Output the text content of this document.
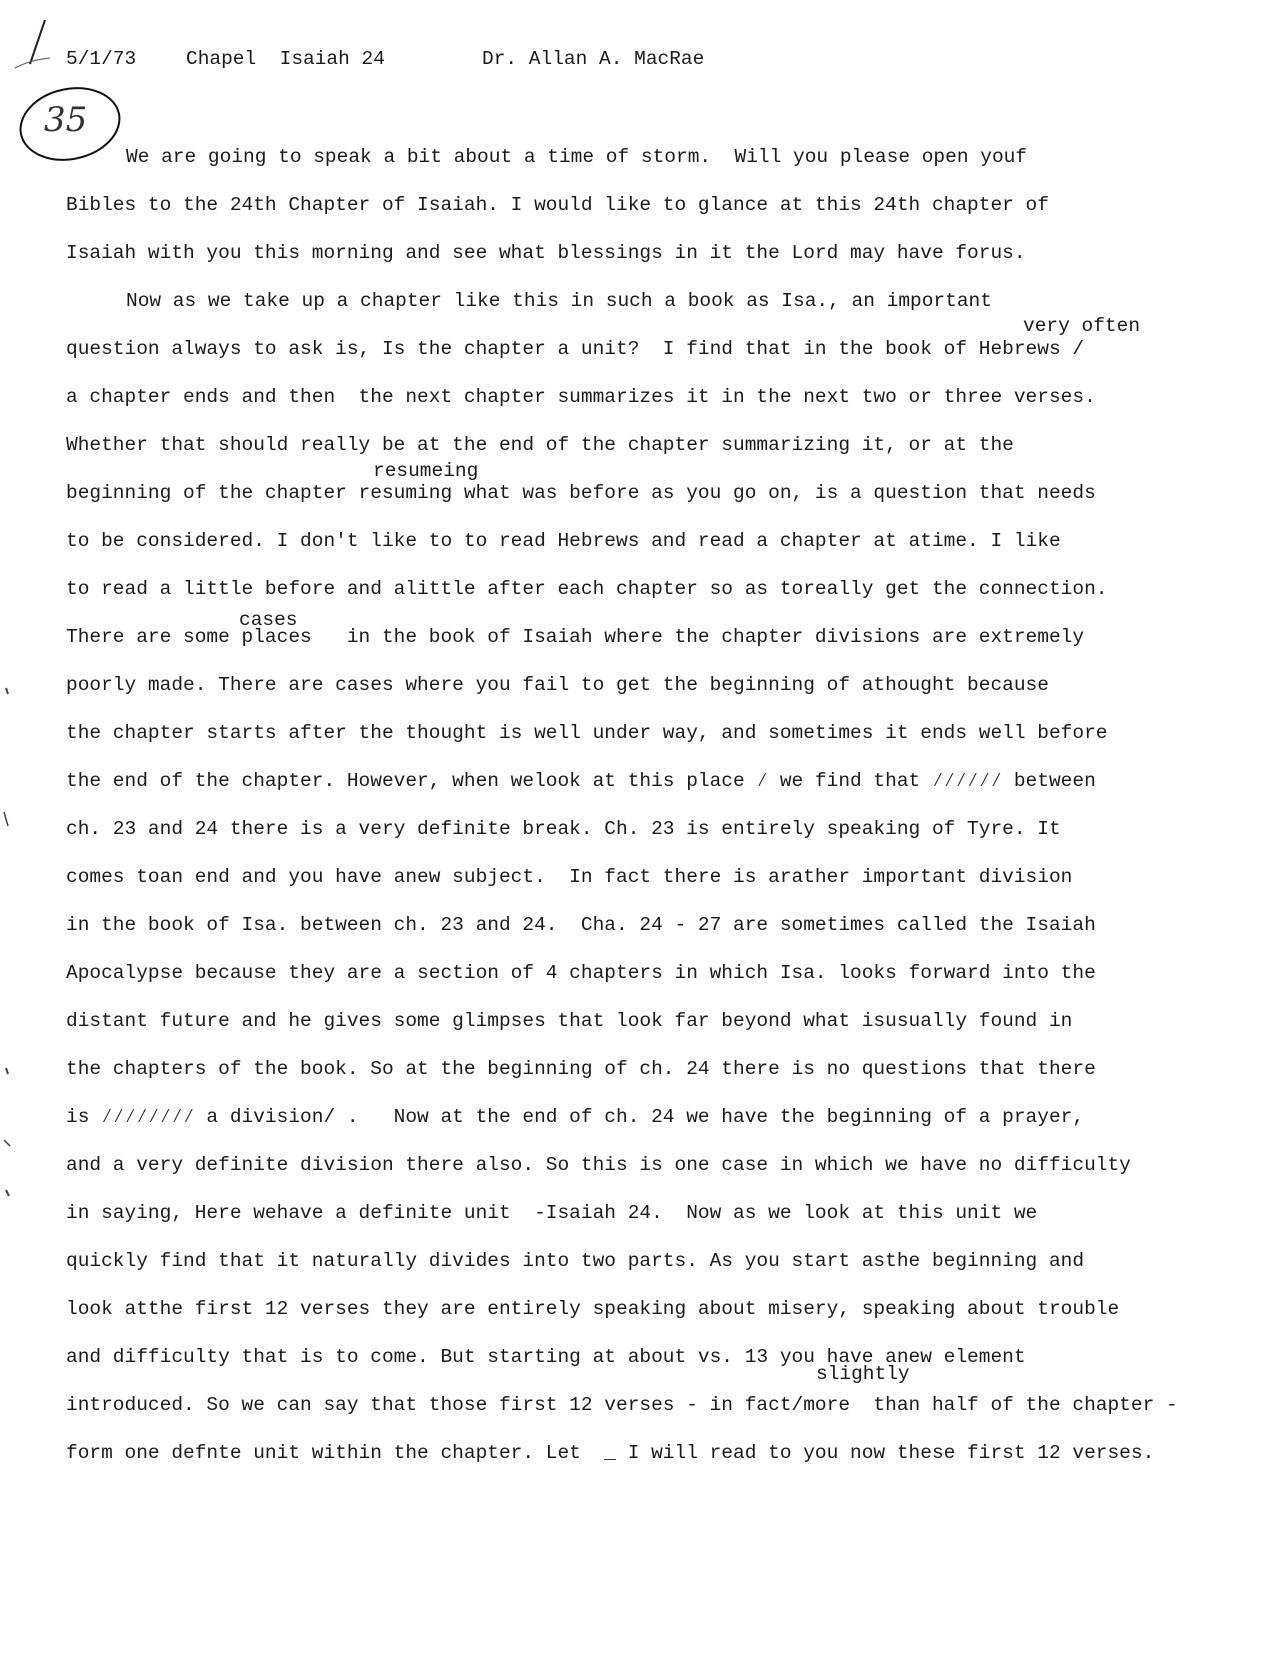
5/1/73	Chapel  Isaiah 24	Dr. Allan A. MacRae
35
very often
resumeing
cases
slightly
We are going to speak a bit about a time of storm.  Will you please open youf
Bibles to the 24th Chapter of Isaiah. I would like to glance at this 24th chapter of
Isaiah with you this morning and see what blessings in it the Lord may have forus.
Now as we take up a chapter like this in such a book as Isa., an important
question always to ask is, Is the chapter a unit?  I find that in the book of Hebrews /
a chapter ends and then  the next chapter summarizes it in the next two or three verses.
Whether that should really be at the end of the chapter summarizing it, or at the
beginning of the chapter resuming what was before as you go on, is a question that needs
to be considered. I don't like to to read Hebrews and read a chapter at atime. I like
to read a little before and alittle after each chapter so as toreally get the connection.
There are some places   in the book of Isaiah where the chapter divisions are extremely
poorly made. There are cases where you fail to get the beginning of athought because
the chapter starts after the thought is well under way, and sometimes it ends well before
the end of the chapter. However, when welook at this place ⁄ we find that ⁄⁄⁄⁄⁄⁄ between
ch. 23 and 24 there is a very definite break. Ch. 23 is entirely speaking of Tyre. It
comes toan end and you have anew subject.  In fact there is arather important division
in the book of Isa. between ch. 23 and 24.  Cha. 24 - 27 are sometimes called the Isaiah
Apocalypse because they are a section of 4 chapters in which Isa. looks forward into the
distant future and he gives some glimpses that look far beyond what isusually found in
the chapters of the book. So at the beginning of ch. 24 there is no questions that there
is ⁄⁄⁄⁄⁄⁄⁄⁄ a division/ .   Now at the end of ch. 24 we have the beginning of a prayer,
and a very definite division there also. So this is one case in which we have no difficulty
in saying, Here wehave a definite unit  -Isaiah 24.  Now as we look at this unit we
quickly find that it naturally divides into two parts. As you start asthe beginning and
look atthe first 12 verses they are entirely speaking about misery, speaking about trouble
and difficulty that is to come. But starting at about vs. 13 you have anew element
introduced. So we can say that those first 12 verses - in fact/more  than half of the chapter -
form one defnte unit within the chapter. Let  _ I will read to you now these first 12 verses.
